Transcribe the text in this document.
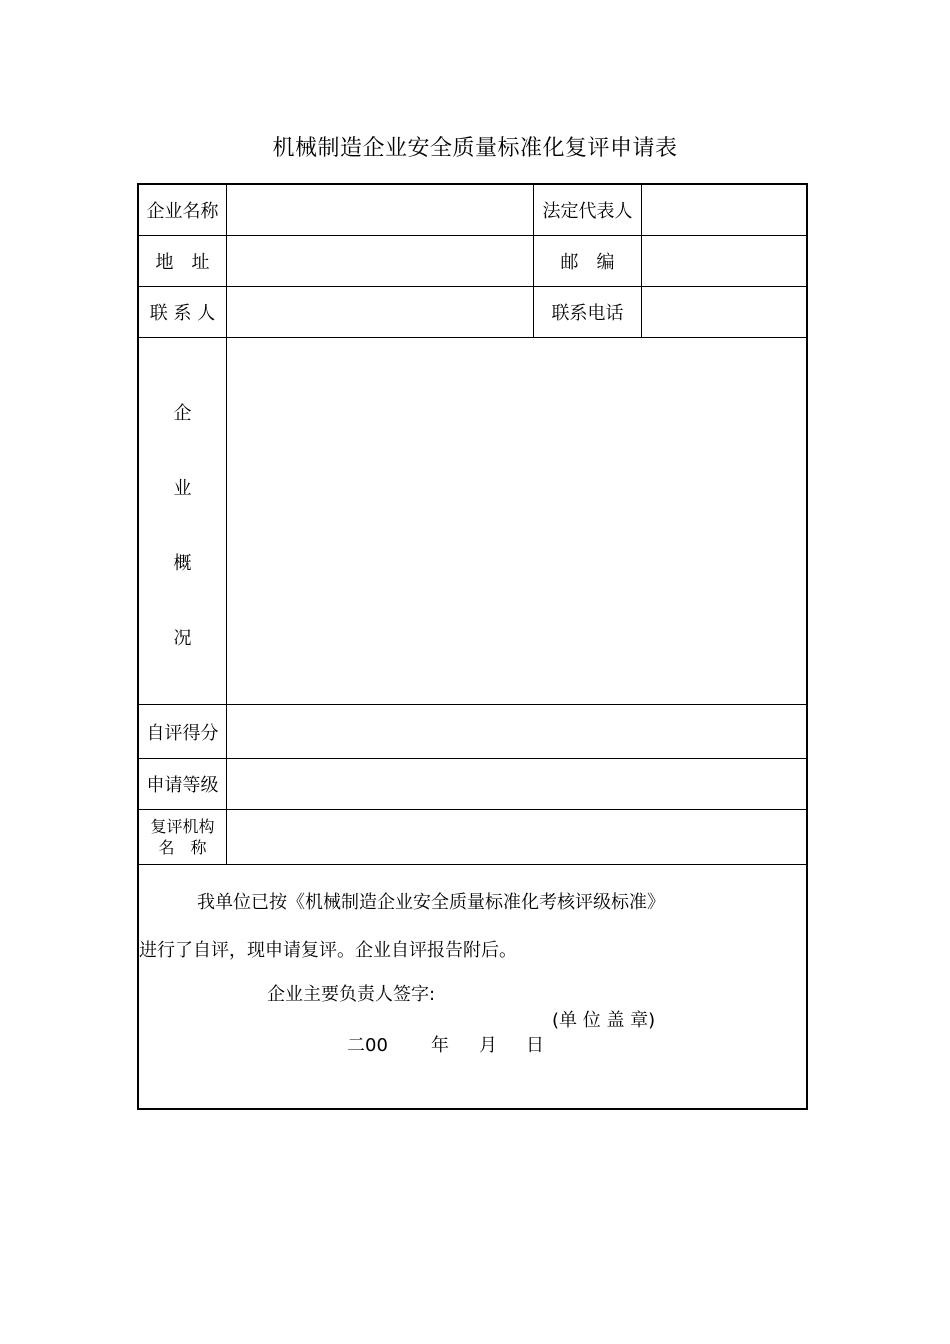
机械制造企业安全质量标准化复评申请表
企业名称	法定代表人
地　址	邮　编
联 系 人	联系电话
企
业
概
况
自评得分
申请等级
复评机构
名　称
我单位已按《机械制造企业安全质量标准化考核评级标准》
进行了自评，现申请复评。企业自评报告附后。
企业主要负责人签字:
(单 位 盖 章)
二00 年 月 日
